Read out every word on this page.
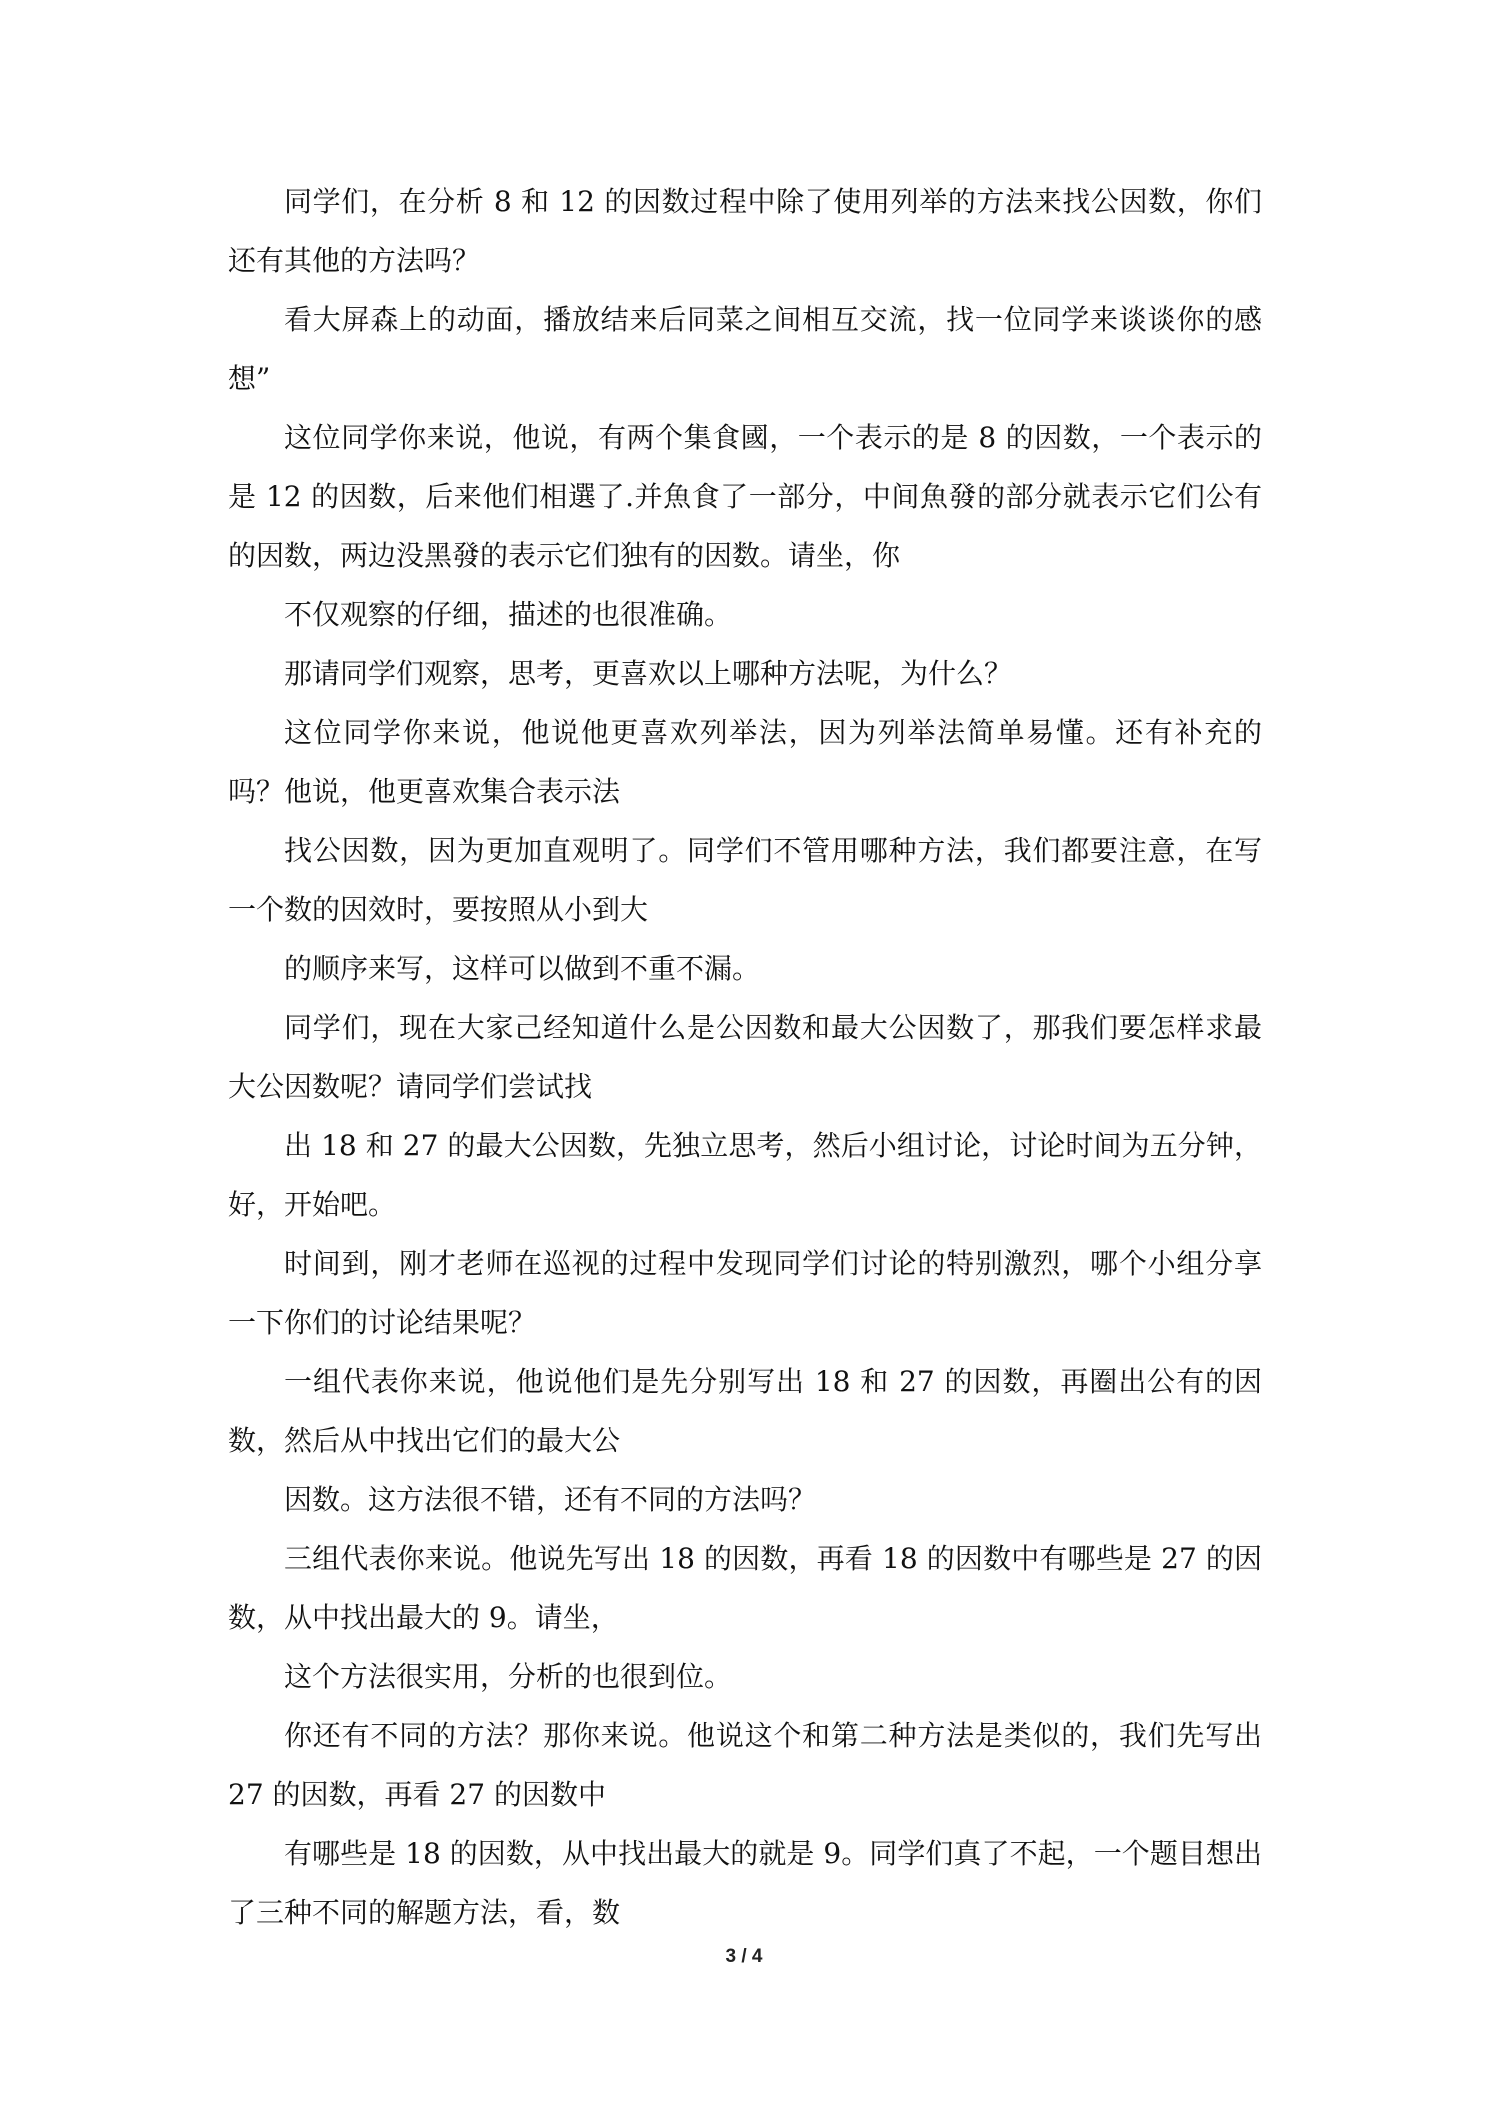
同学们，在分析 8 和 12 的因数过程中除了使用列举的方法来找公因数，你们还有其他的方法吗？

看大屏森上的动面，播放结来后同菜之间相互交流，找一位同学来谈谈你的感想”

这位同学你来说，他说，有两个集食國，一个表示的是 8 的因数，一个表示的是 12 的因数，后来他们相選了.并魚食了一部分，中间魚發的部分就表示它们公有的因数，两边没黑發的表示它们独有的因数。请坐，你

不仅观察的仔细，描述的也很准确。

那请同学们观察，思考，更喜欢以上哪种方法呢，为什么？

这位同学你来说，他说他更喜欢列举法，因为列举法简单易懂。还有补充的吗？他说，他更喜欢集合表示法

找公因数，因为更加直观明了。同学们不管用哪种方法，我们都要注意，在写一个数的因效时，要按照从小到大

的顺序来写，这样可以做到不重不漏。

同学们，现在大家己经知道什么是公因数和最大公因数了，那我们要怎样求最大公因数呢？请同学们尝试找

出 18 和 27 的最大公因数，先独立思考，然后小组讨论，讨论时间为五分钟，好，开始吧。

时间到，刚才老师在巡视的过程中发现同学们讨论的特别激烈，哪个小组分享一下你们的讨论结果呢？

一组代表你来说，他说他们是先分别写出 18 和 27 的因数，再圈出公有的因数，然后从中找出它们的最大公

因数。这方法很不错，还有不同的方法吗？

三组代表你来说。他说先写出 18 的因数，再看 18 的因数中有哪些是 27 的因数，从中找出最大的 9。请坐，

这个方法很实用，分析的也很到位。

你还有不同的方法？那你来说。他说这个和第二种方法是类似的，我们先写出 27 的因数，再看 27 的因数中

有哪些是 18 的因数，从中找出最大的就是 9。同学们真了不起，一个题目想出了三种不同的解题方法，看，数

3 / 4
